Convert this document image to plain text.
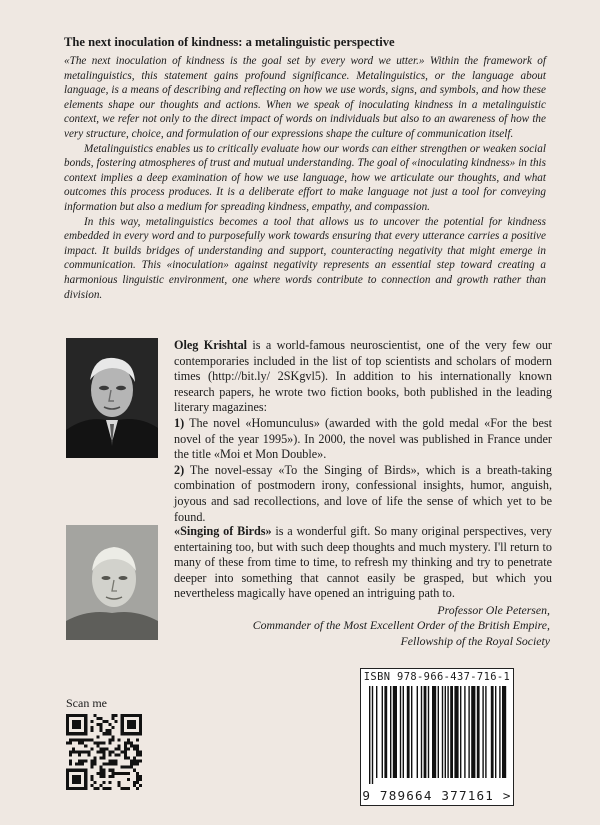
The next inoculation of kindness: a metalinguistic perspective

«The next inoculation of kindness is the goal set by every word we utter.» Within the framework of metalinguistics, this statement gains profound significance. Metalinguistics, or the language about language, is a means of describing and reflecting on how we use words, signs, and symbols, and how these elements shape our thoughts and actions. When we speak of inoculating kindness in a metalinguistic context, we refer not only to the direct impact of words on individuals but also to an awareness of how the very structure, choice, and formulation of our expressions shape the culture of communication itself.

Metalinguistics enables us to critically evaluate how our words can either strengthen or weaken social bonds, fostering atmospheres of trust and mutual understanding. The goal of «inoculating kindness» in this context implies a deep examination of how we use language, how we articulate our thoughts, and what outcomes this process produces. It is a deliberate effort to make language not just a tool for conveying information but also a medium for spreading kindness, empathy, and compassion.

In this way, metalinguistics becomes a tool that allows us to uncover the potential for kindness embedded in every word and to purposefully work towards ensuring that every utterance carries a positive impact. It builds bridges of understanding and support, counteracting negativity that might emerge in communication. This «inoculation» against negativity represents an essential step toward creating a harmonious linguistic environment, one where words contribute to connection and growth rather than division.

Oleg Krishtal is a world-famous neuroscientist, one of the very few our contemporaries included in the list of top scientists and scholars of modern times (http://bit.ly/ 2SKgvl5). In addition to his internationally known research papers, he wrote two fiction books, both published in the leading literary magazines:

1) The novel «Homunculus» (awarded with the gold medal «For the best novel of the year 1995»). In 2000, the novel was published in France under the title «Moi et Mon Double».

2) The novel-essay «To the Singing of Birds», which is a breath-taking combination of postmodern irony, confessional insights, humor, anguish, joyous and sad recollections, and love of life the sense of which yet to be found.

«Singing of Birds» is a wonderful gift. So many original perspectives, very entertaining too, but with such deep thoughts and much mystery. I'll return to many of these from time to time, to refresh my thinking and try to penetrate deeper into something that cannot easily be grasped, but which you nevertheless magically have opened an intriguing path to.

Professor Ole Petersen,
Commander of the Most Excellent Order of the British Empire,
Fellowship of the Royal Society
Scan me
ISBN 978-966-437-716-1
9 789664 377161 >
